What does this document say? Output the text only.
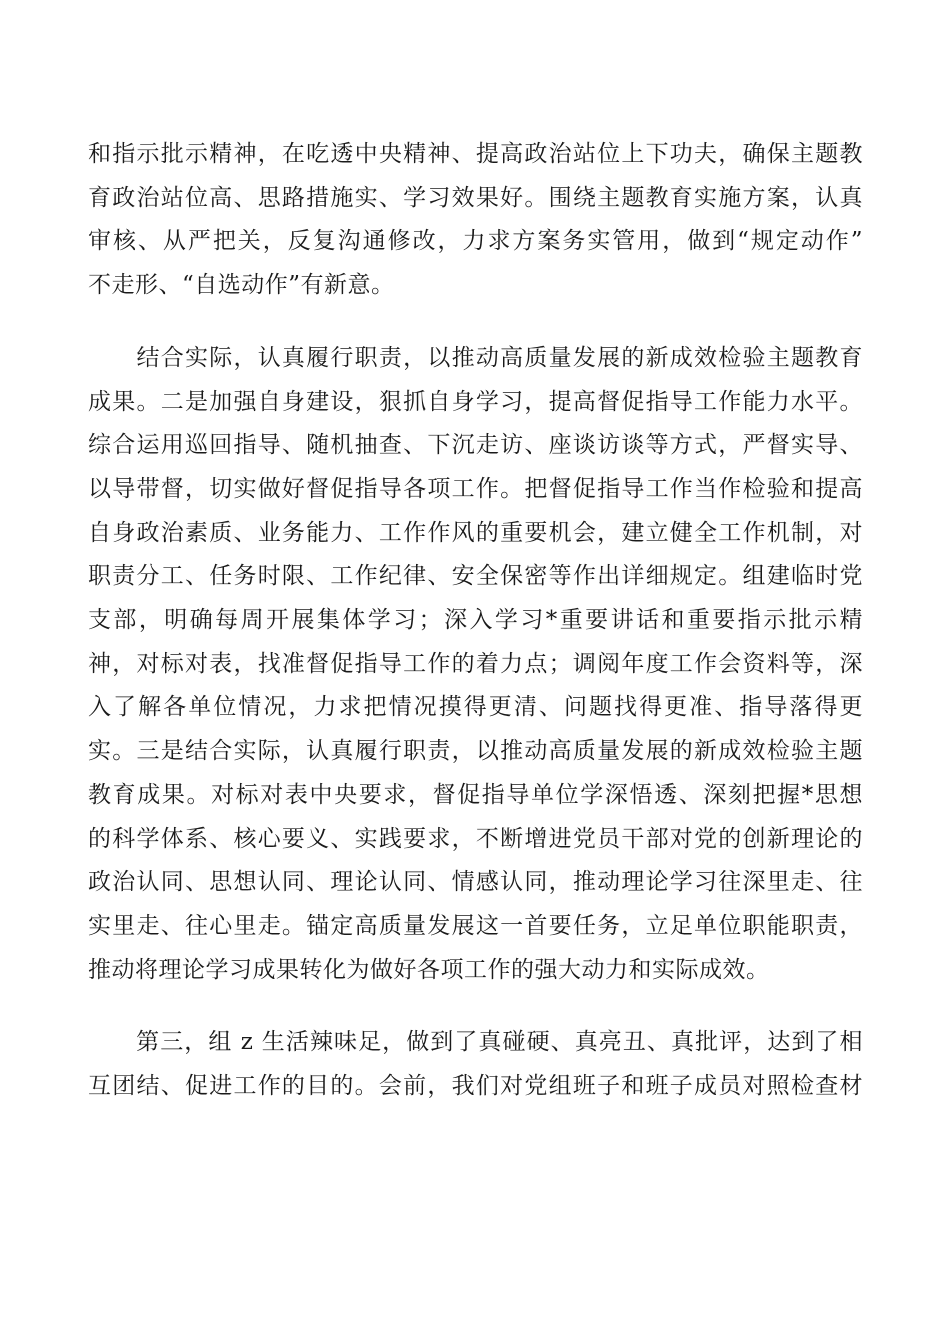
和指示批示精神，在吃透中央精神、提高政治站位上下功夫，确保主题教
育政治站位高、思路措施实、学习效果好。围绕主题教育实施方案，认真
审核、从严把关，反复沟通修改，力求方案务实管用，做到“规定动作”
不走形、“自选动作”有新意。

　　结合实际，认真履行职责，以推动高质量发展的新成效检验主题教育
成果。二是加强自身建设，狠抓自身学习，提高督促指导工作能力水平。
综合运用巡回指导、随机抽查、下沉走访、座谈访谈等方式，严督实导、
以导带督，切实做好督促指导各项工作。把督促指导工作当作检验和提高
自身政治素质、业务能力、工作作风的重要机会，建立健全工作机制，对
职责分工、任务时限、工作纪律、安全保密等作出详细规定。组建临时党
支部，明确每周开展集体学习；深入学习*重要讲话和重要指示批示精
神，对标对表，找准督促指导工作的着力点；调阅年度工作会资料等，深
入了解各单位情况，力求把情况摸得更清、问题找得更准、指导落得更
实。三是结合实际，认真履行职责，以推动高质量发展的新成效检验主题
教育成果。对标对表中央要求，督促指导单位学深悟透、深刻把握*思想
的科学体系、核心要义、实践要求，不断增进党员干部对党的创新理论的
政治认同、思想认同、理论认同、情感认同，推动理论学习往深里走、往
实里走、往心里走。锚定高质量发展这一首要任务，立足单位职能职责，
推动将理论学习成果转化为做好各项工作的强大动力和实际成效。

　　第三，组 z 生活辣味足，做到了真碰硬、真亮丑、真批评，达到了相
互团结、促进工作的目的。会前，我们对党组班子和班子成员对照检查材
